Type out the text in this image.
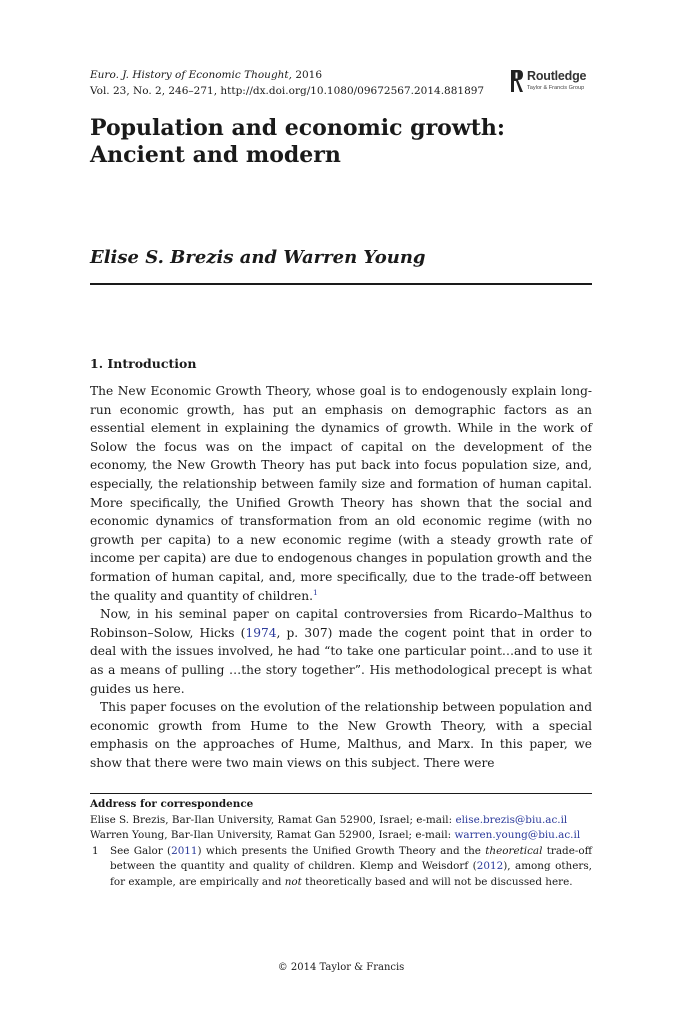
Euro. J. History of Economic Thought, 2016
Vol. 23, No. 2, 246–271, http://dx.doi.org/10.1080/09672567.2014.881897
Routledge
Taylor & Francis Group
Population and economic growth: Ancient and modern
Elise S. Brezis and Warren Young
1. Introduction

The New Economic Growth Theory, whose goal is to endogenously explain long-run economic growth, has put an emphasis on demographic factors as an essential element in explaining the dynamics of growth. While in the work of Solow the focus was on the impact of capital on the development of the economy, the New Growth Theory has put back into focus population size, and, especially, the relationship between family size and formation of human capital. More specifically, the Unified Growth Theory has shown that the social and economic dynamics of transformation from an old economic regime (with no growth per capita) to a new economic regime (with a steady growth rate of income per capita) are due to endogenous changes in population growth and the formation of human capital, and, more specifically, due to the trade-off between the quality and quantity of children.$^1$

Now, in his seminal paper on capital controversies from Ricardo–Malthus to Robinson–Solow, Hicks (1974, p. 307) made the cogent point that in order to deal with the issues involved, he had “to take one particular point…and to use it as a means of pulling …the story together”. His methodological precept is what guides us here.

This paper focuses on the evolution of the relationship between population and economic growth from Hume to the New Growth Theory, with a special emphasis on the approaches of Hume, Malthus, and Marx. In this paper, we show that there were two main views on this subject. There were

Address for correspondence

Elise S. Brezis, Bar-Ilan University, Ramat Gan 52900, Israel; e-mail: elise.brezis@biu.ac.il

Warren Young, Bar-Ilan University, Ramat Gan 52900, Israel; e-mail: warren.young@biu.ac.il

1	See Galor (2011) which presents the Unified Growth Theory and the theoretical trade-off between the quantity and quality of children. Klemp and Weisdorf (2012), among others, for example, are empirically and not theoretically based and will not be discussed here.
© 2014 Taylor & Francis
